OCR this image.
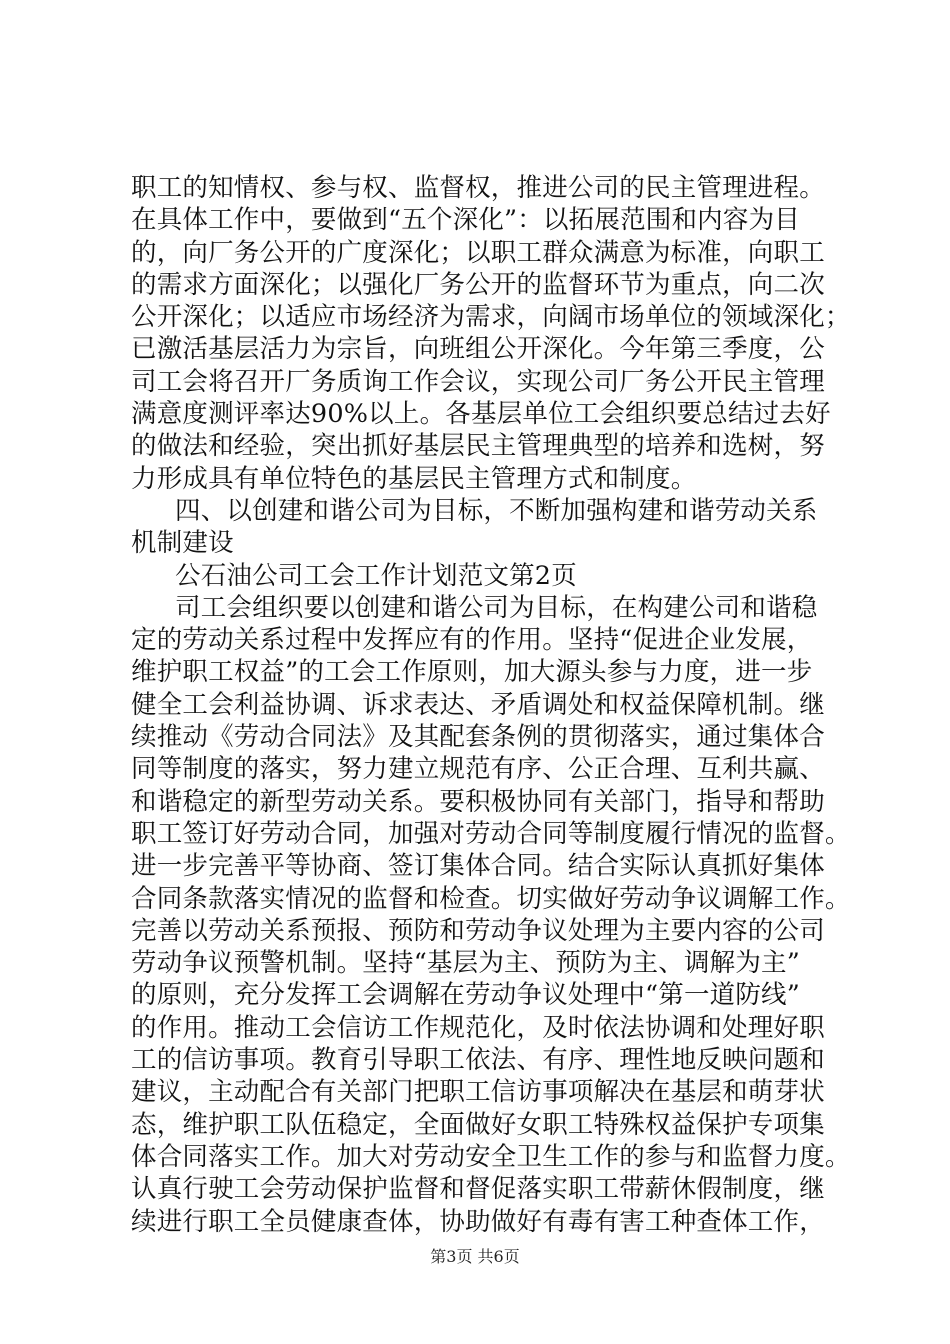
职工的知情权、参与权、监督权，推进公司的民主管理进程。
在具体工作中，要做到“五个深化”：以拓展范围和内容为目
的，向厂务公开的广度深化；以职工群众满意为标准，向职工
的需求方面深化；以强化厂务公开的监督环节为重点，向二次
公开深化；以适应市场经济为需求，向阔市场单位的领域深化；
已激活基层活力为宗旨，向班组公开深化。今年第三季度，公
司工会将召开厂务质询工作会议，实现公司厂务公开民主管理
满意度测评率达90%以上。各基层单位工会组织要总结过去好
的做法和经验，突出抓好基层民主管理典型的培养和选树，努
力形成具有单位特色的基层民主管理方式和制度。
四、以创建和谐公司为目标，不断加强构建和谐劳动关系
机制建设
公石油公司工会工作计划范文第2页
司工会组织要以创建和谐公司为目标，在构建公司和谐稳
定的劳动关系过程中发挥应有的作用。坚持“促进企业发展，
维护职工权益”的工会工作原则，加大源头参与力度，进一步
健全工会利益协调、诉求表达、矛盾调处和权益保障机制。继
续推动《劳动合同法》及其配套条例的贯彻落实，通过集体合
同等制度的落实，努力建立规范有序、公正合理、互利共赢、
和谐稳定的新型劳动关系。要积极协同有关部门，指导和帮助
职工签订好劳动合同，加强对劳动合同等制度履行情况的监督。
进一步完善平等协商、签订集体合同。结合实际认真抓好集体
合同条款落实情况的监督和检查。切实做好劳动争议调解工作。
完善以劳动关系预报、预防和劳动争议处理为主要内容的公司
劳动争议预警机制。坚持“基层为主、预防为主、调解为主”
的原则，充分发挥工会调解在劳动争议处理中“第一道防线”
的作用。推动工会信访工作规范化，及时依法协调和处理好职
工的信访事项。教育引导职工依法、有序、理性地反映问题和
建议，主动配合有关部门把职工信访事项解决在基层和萌芽状
态，维护职工队伍稳定，全面做好女职工特殊权益保护专项集
体合同落实工作。加大对劳动安全卫生工作的参与和监督力度。
认真行驶工会劳动保护监督和督促落实职工带薪休假制度，继
续进行职工全员健康查体，协助做好有毒有害工种查体工作，
第3页 共6页
